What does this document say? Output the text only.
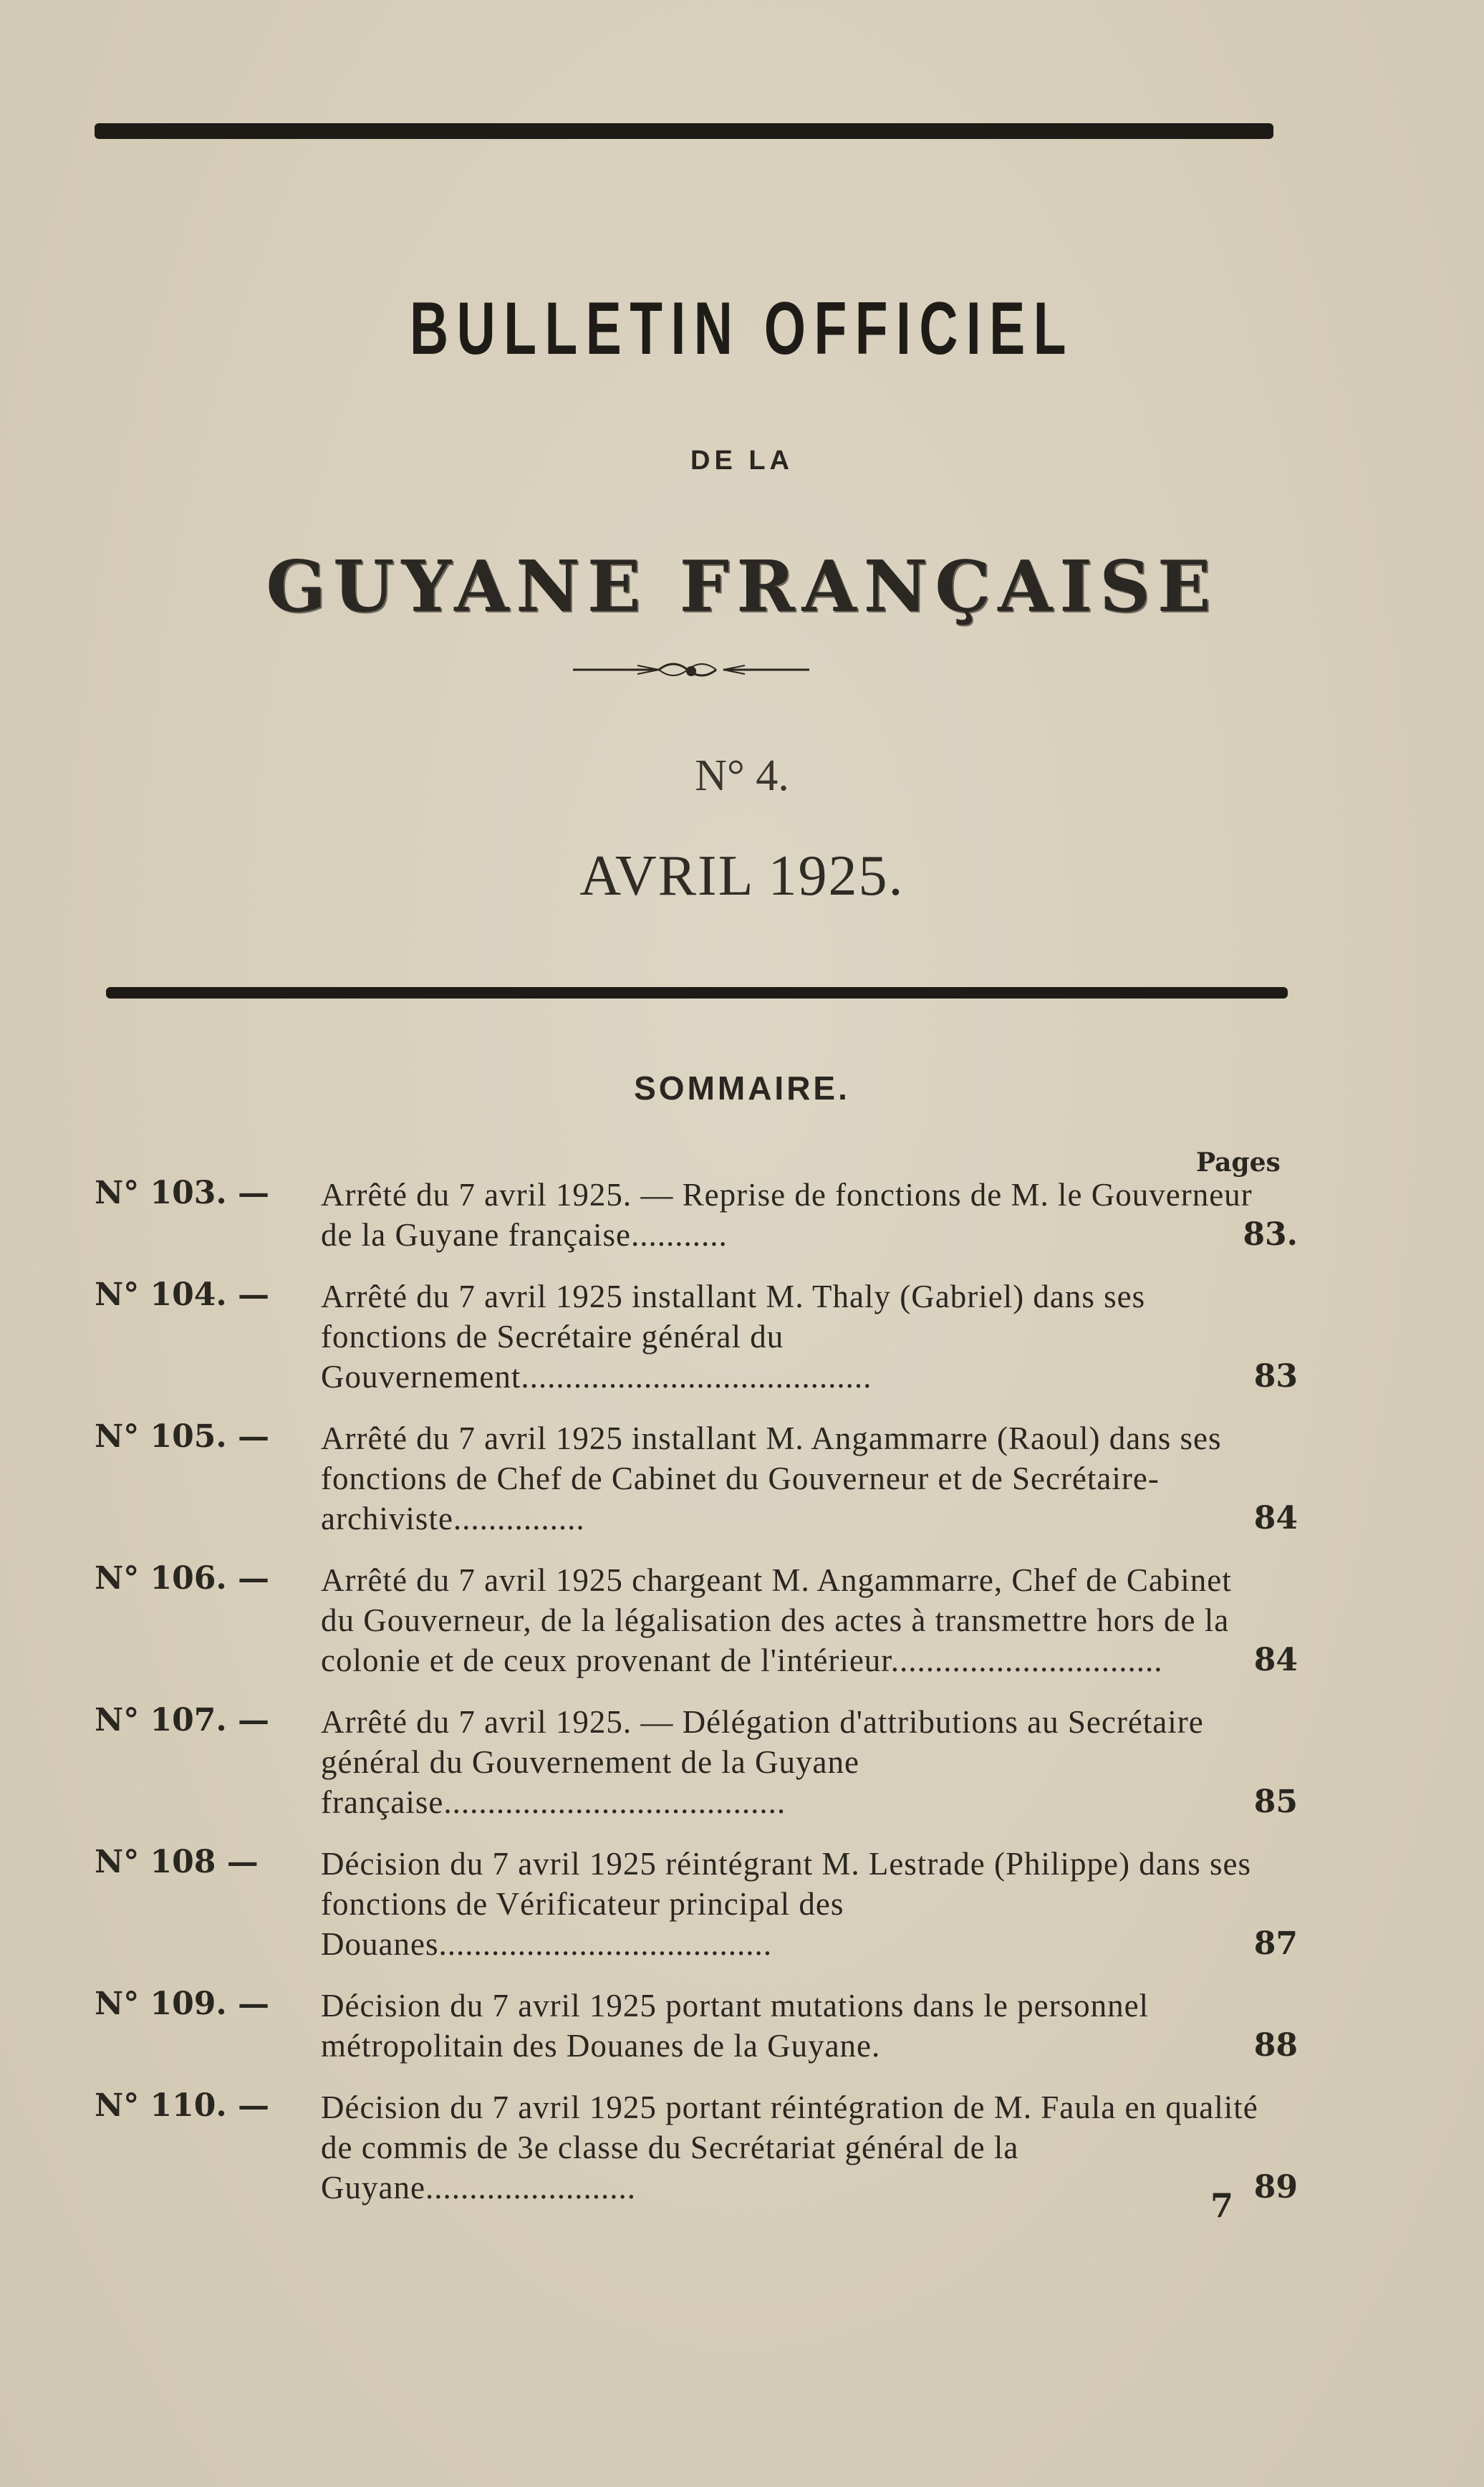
BULLETIN OFFICIEL
DE LA
GUYANE FRANÇAISE
N° 4.
AVRIL 1925.
SOMMAIRE.
Pages
N° 103. —	Arrêté du 7 avril 1925. — Reprise de fonctions de M. le Gouverneur de la Guyane française...........	83.
N° 104. —	Arrêté du 7 avril 1925 installant M. Thaly (Gabriel) dans ses fonctions de Secrétaire général du Gouvernement........................................	83
N° 105. —	Arrêté du 7 avril 1925 installant M. Angammarre (Raoul) dans ses fonctions de Chef de Cabinet du Gouverneur et de Secrétaire-archiviste...............	84
N° 106. —	Arrêté du 7 avril 1925 chargeant M. Angammarre, Chef de Cabinet du Gouverneur, de la légalisation des actes à transmettre hors de la colonie et de ceux provenant de l'intérieur...............................	84
N° 107. —	Arrêté du 7 avril 1925. — Délégation d'attributions au Secrétaire général du Gouvernement de la Guyane française.......................................	85
N° 108 —	Décision du 7 avril 1925 réintégrant M. Lestrade (Philippe) dans ses fonctions de Vérificateur principal des Douanes......................................	87
N° 109. —	Décision du 7 avril 1925 portant mutations dans le personnel métropolitain des Douanes de la Guyane.	88
N° 110. —	Décision du 7 avril 1925 portant réintégration de M. Faula en qualité de commis de 3e classe du Secrétariat général de la Guyane........................	89
7
